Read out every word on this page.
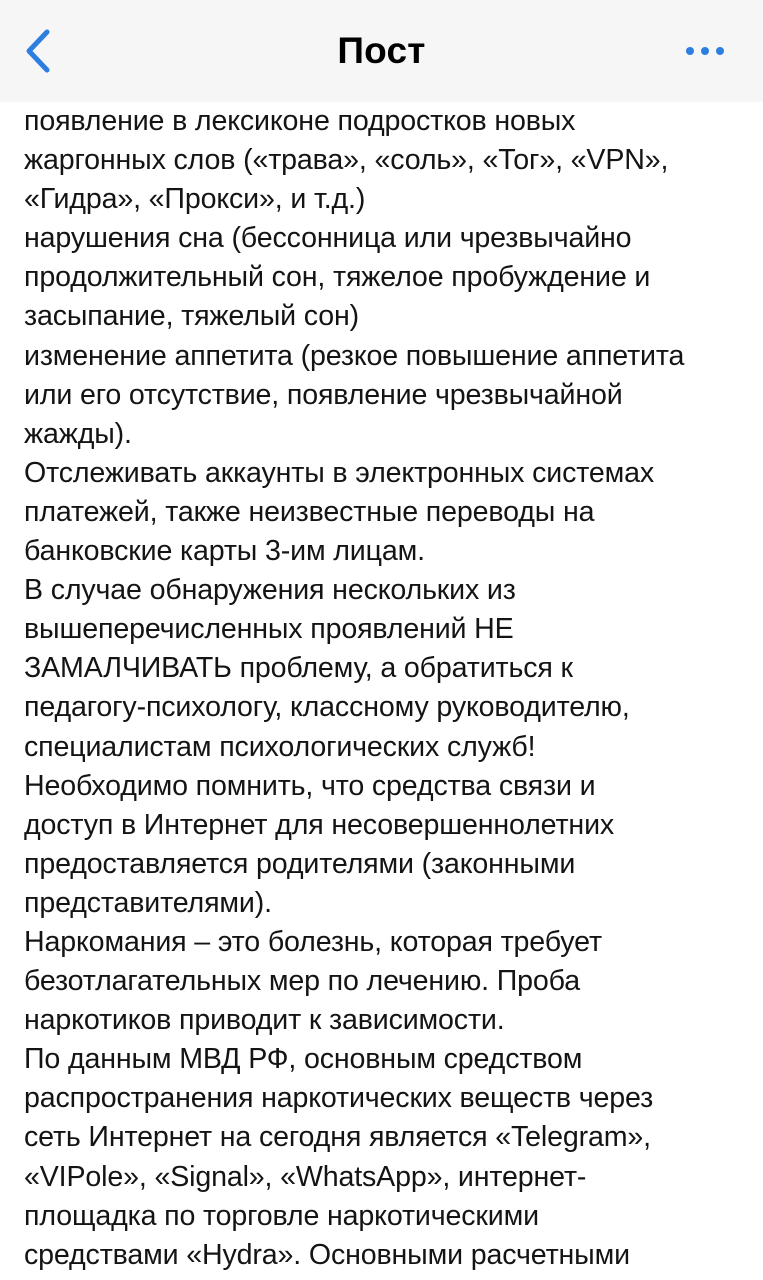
Пост
появление в лексиконе подростков новых
жаргонных слов («трава», «соль», «Тог», «VPN»,
«Гидра», «Прокси», и т.д.)
нарушения сна (бессонница или чрезвычайно
продолжительный сон, тяжелое пробуждение и
засыпание, тяжелый сон)
изменение аппетита (резкое повышение аппетита
или его отсутствие, появление чрезвычайной
жажды).
Отслеживать аккаунты в электронных системах
платежей, также неизвестные переводы на
банковские карты 3-им лицам.
В случае обнаружения нескольких из
вышеперечисленных проявлений НЕ
ЗАМАЛЧИВАТЬ проблему, а обратиться к
педагогу-психологу, классному руководителю,
специалистам психологических служб!
Необходимо помнить, что средства связи и
доступ в Интернет для несовершеннолетних
предоставляется родителями (законными
представителями).
Наркомания – это болезнь, которая требует
безотлагательных мер по лечению. Проба
наркотиков приводит к зависимости.
По данным МВД РФ, основным средством
распространения наркотических веществ через
сеть Интернет на сегодня является «Telegram»,
«VIPole», «Signal», «WhatsApp», интернет-
площадка по торговле наркотическими
средствами «Hydra». Основными расчетными
